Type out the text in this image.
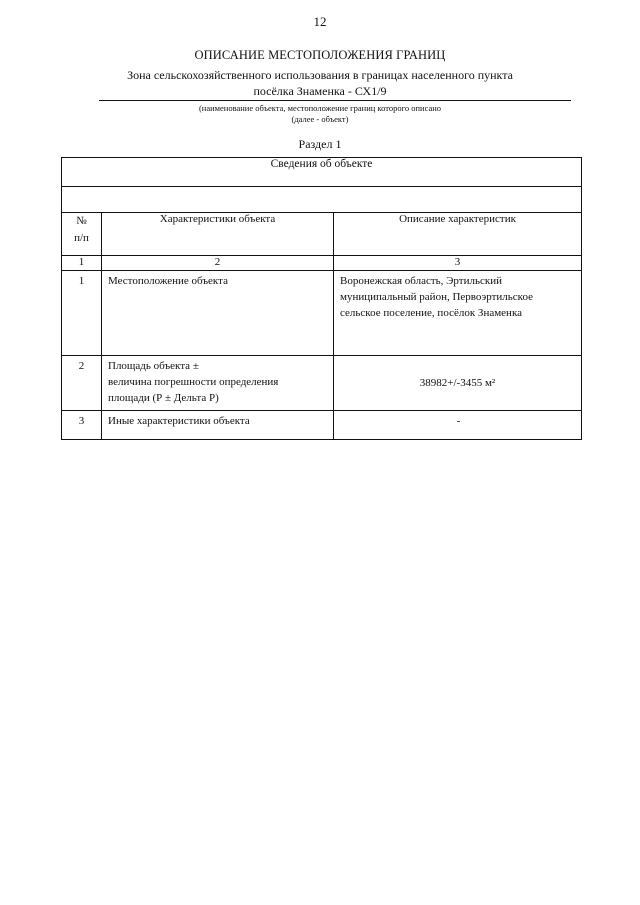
12
ОПИСАНИЕ МЕСТОПОЛОЖЕНИЯ ГРАНИЦ
Зона сельскохозяйственного использования в границах населенного пункта
посёлка Знаменка - СХ1/9
(наименование объекта, местоположение границ которого описано
(далее - объект)
Раздел 1
Сведения об объекте		

№
п/п	Характеристики объекта	Описание характеристик
1	2	3
1	Местоположение объекта	Воронежская область, Эртильский
муниципальный район, Первоэртильское
сельское поселение, посёлок Знаменка

2	Площадь объекта ±
величина погрешности определения
площади (Р ± Дельта Р)	38982+/-3455 м²

3	Иные характеристики объекта	-
